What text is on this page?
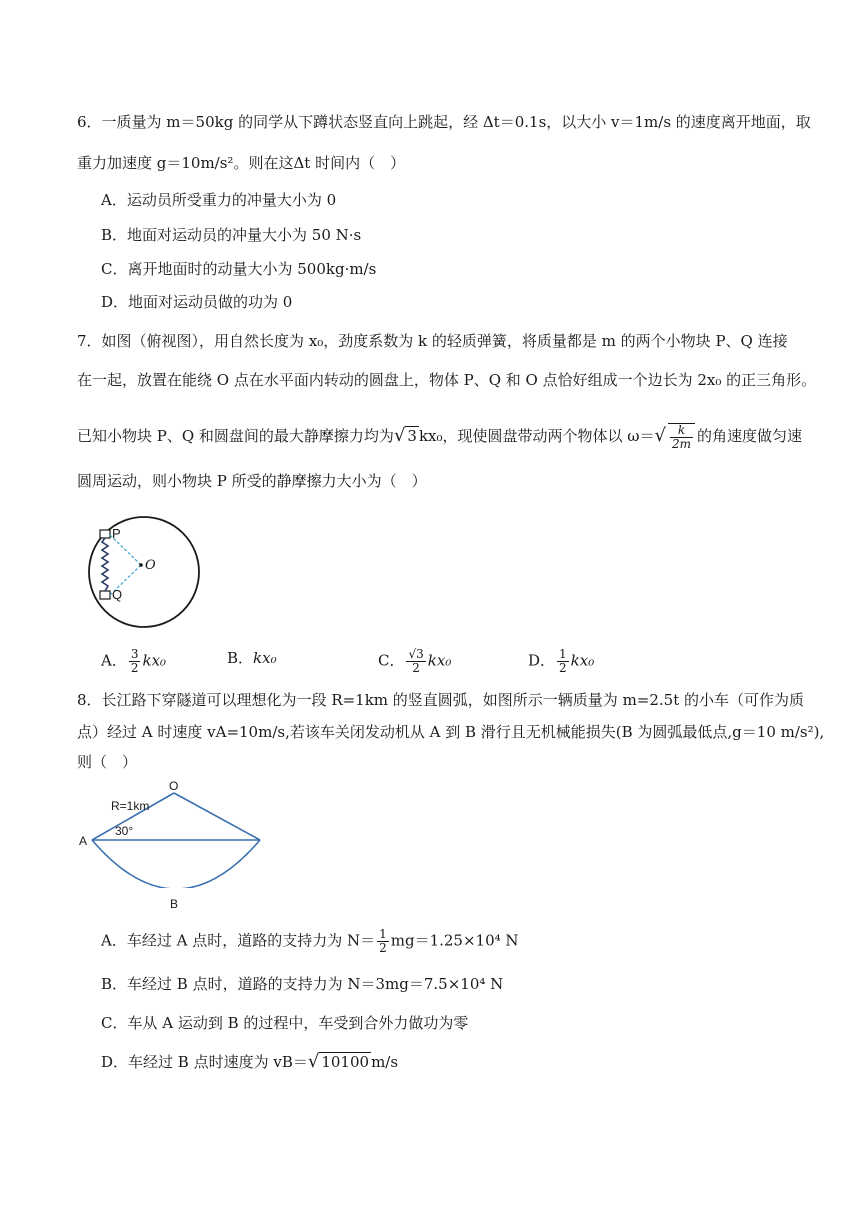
6．一质量为 m＝50kg 的同学从下蹲状态竖直向上跳起，经 Δt＝0.1s，以大小 v＝1m/s 的速度离开地面，取
重力加速度 g＝10m/s²。则在这Δt 时间内（　）
A．运动员所受重力的冲量大小为 0
B．地面对运动员的冲量大小为 50 N·s
C．离开地面时的动量大小为 500kg·m/s
D．地面对运动员做的功为 0
7．如图（俯视图），用自然长度为 x₀，劲度系数为 k 的轻质弹簧，将质量都是 m 的两个小物块 P、Q 连接
在一起，放置在能绕 O 点在水平面内转动的圆盘上，物体 P、Q 和 O 点恰好组成一个边长为 2x₀ 的正三角形。
已知小物块 P、Q 和圆盘间的最大静摩擦力均为√ 3 kx₀，现使圆盘带动两个物体以 $\omega=√ \frac{k}{2m}$ 的角速度做匀速
圆周运动，则小物块 P 所受的静摩擦力大小为（　）
P
Q
O
A． $\frac{3}{2} kx_0$	B．kx₀	C． $\frac{√3}{2} kx_0$	D． $\frac{1}{2} kx_0$
8．长江路下穿隧道可以理想化为一段 R=1km 的竖直圆弧，如图所示一辆质量为 m=2.5t 的小车（可作为质
点）经过 A 时速度 vA=10m/s,若该车关闭发动机从 A 到 B 滑行且无机械能损失(B 为圆弧最低点,g＝10 m/s²),
则（　）
O
R=1km
30°
A
B
A．车经过 A 点时，道路的支持力为 $N= \frac{1}{2} mg=1.25\times 10^4$ N
B．车经过 B 点时，道路的支持力为 N＝3mg＝7.5×10⁴ N
C．车从 A 运动到 B 的过程中，车受到合外力做功为零
D．车经过 B 点时速度为 vB＝√ 10100 m/s
